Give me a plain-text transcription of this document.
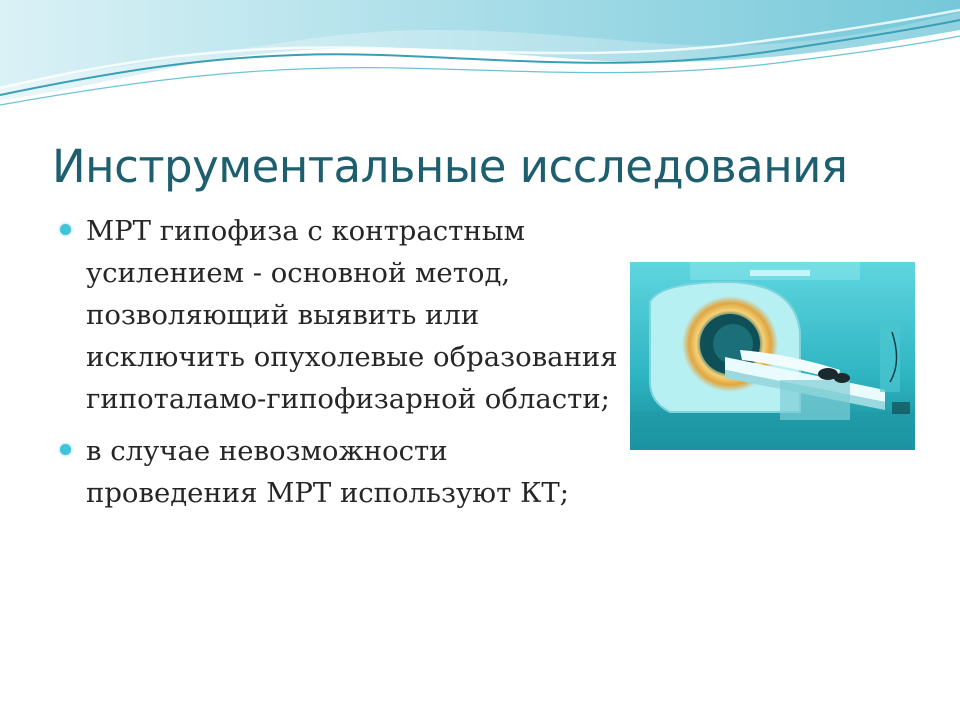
Инструментальные исследования
МРТ гипофиза с контрастным усилением - основной метод, позволяющий выявить или исключить опухолевые образования гипоталамо-гипофизарной области;
в случае невозможности проведения МРТ используют КТ;
